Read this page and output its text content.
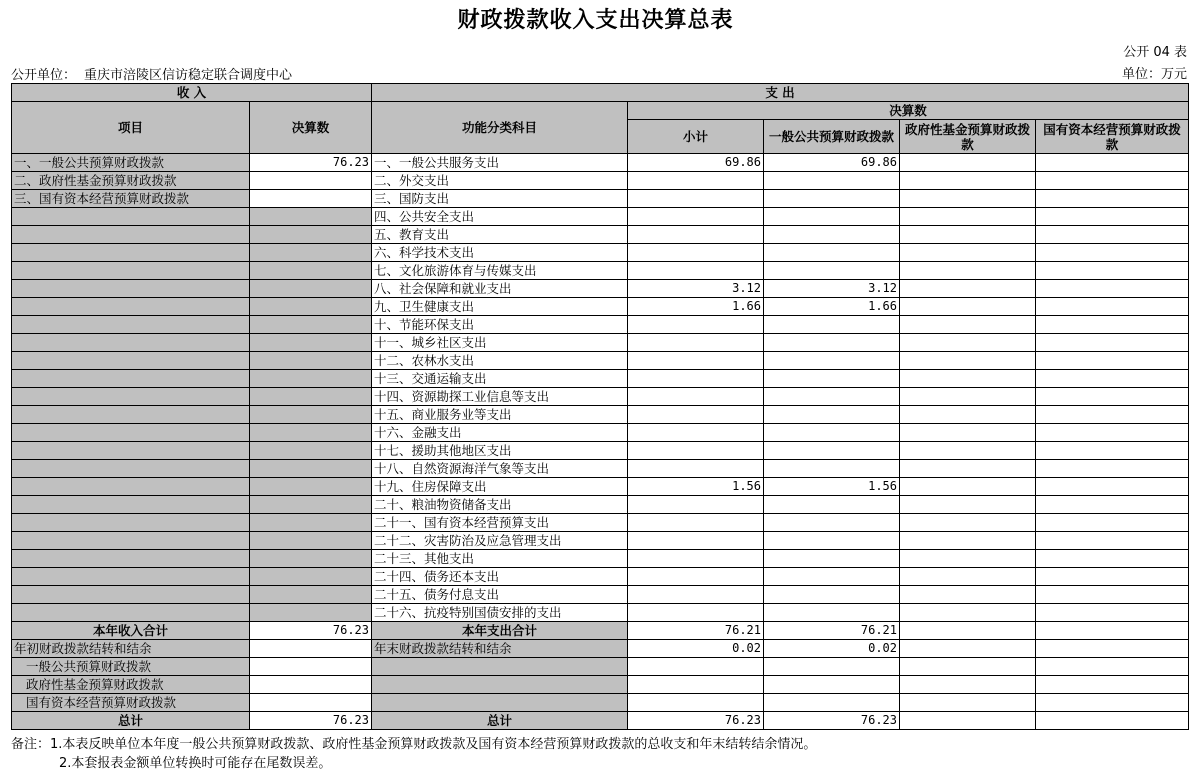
财政拨款收入支出决算总表
公开 04 表
公开单位： 重庆市涪陵区信访稳定联合调度中心	单位：万元
收 入		支 出				
项目	决算数	功能分类科目	决算数			
			小计	一般公共预算财政拨款	政府性基金预算财政拨款	国有资本经营预算财政拨款
一、一般公共预算财政拨款	76.23	一、一般公共服务支出	69.86	69.86		
二、政府性基金预算财政拨款		二、外交支出				
三、国有资本经营预算财政拨款		三、国防支出				
		四、公共安全支出				
		五、教育支出				
		六、科学技术支出				
		七、文化旅游体育与传媒支出				
		八、社会保障和就业支出	3.12	3.12		
		九、卫生健康支出	1.66	1.66		
		十、节能环保支出				
		十一、城乡社区支出				
		十二、农林水支出				
		十三、交通运输支出				
		十四、资源勘探工业信息等支出				
		十五、商业服务业等支出				
		十六、金融支出				
		十七、援助其他地区支出				
		十八、自然资源海洋气象等支出				
		十九、住房保障支出	1.56	1.56		
		二十、粮油物资储备支出				
		二十一、国有资本经营预算支出				
		二十二、灾害防治及应急管理支出				
		二十三、其他支出				
		二十四、债务还本支出				
		二十五、债务付息支出				
		二十六、抗疫特别国债安排的支出				
本年收入合计	76.23	本年支出合计	76.21	76.21		
年初财政拨款结转和结余		年末财政拨款结转和结余	0.02	0.02		
一般公共预算财政拨款						
政府性基金预算财政拨款						
国有资本经营预算财政拨款						
总计	76.23	总计	76.23	76.23		
备注：1.本表反映单位本年度一般公共预算财政拨款、政府性基金预算财政拨款及国有资本经营预算财政拨款的总收支和年末结转结余情况。
2.本套报表金额单位转换时可能存在尾数误差。
